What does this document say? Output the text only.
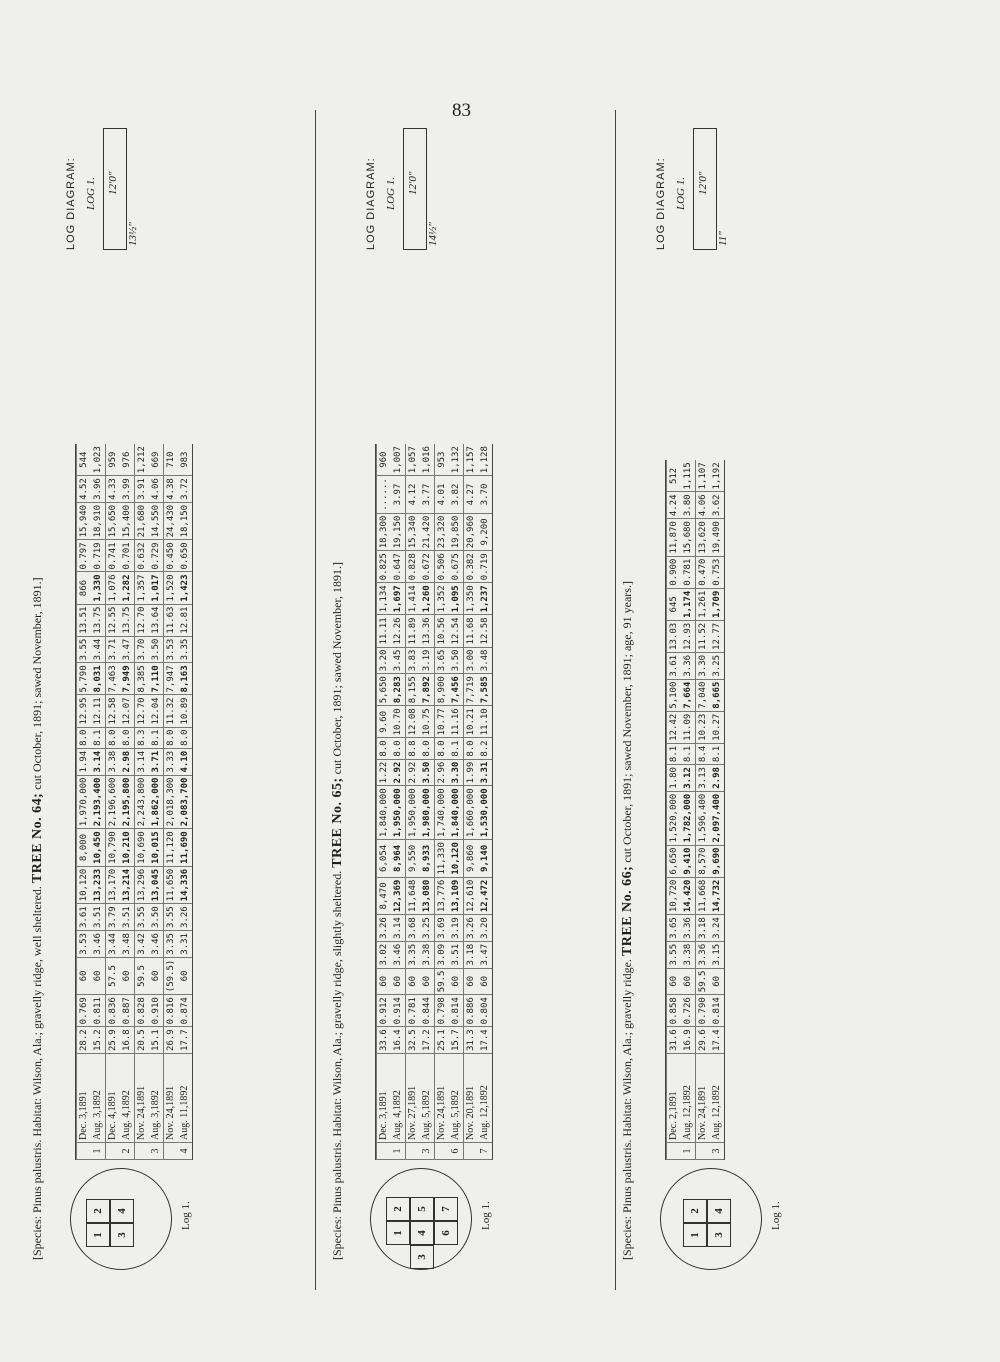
83
[Species: Pinus palustris. Habitat: Wilson, Ala.; gravelly ridge, well sheltered. TREE No. 64; cut October, 1891; sawed November, 1891.]
1
2
3
4	Log 1.
	Dec. 3,1891	28.2	0.769	60	3.53	3.61	10,120	8,000	1,970,000	1.94	8.0	12.95	5,790	3.55	13.51	866	0.797	15,940	4.52	544
1	Aug. 3,1892	15.2	0.811	60	3.46	3.51	13,233	10,450	2,193,400	3.14	8.1	12.11	8,031	3.44	13.75	1,330	0.719	18,910	3.96	1,023
	Dec. 4,1891	25.9	0.836	57.5	3.44	3.79	13,170	10,790	2,196,600	3.38	8.0	12.58	7,463	3.71	12.55	1,076	0.741	15,650	4.33	959
2	Aug. 4,1892	16.8	0.887	60	3.48	3.51	13,214	10,210	2,195,800	2.98	8.0	12.07	7,949	3.47	13.75	1,282	0.701	15,400	3.99	976
	Nov. 24,1891	20.5	0.828	59.5	3.42	3.55	13,296	10,690	2,243,800	3.14	8.3	12.70	8,385	3.70	12.70	1,357	0.632	21,680	3.91	1,212
3	Aug. 3,1892	15.1	0.910	60	3.46	3.50	13,045	10,015	1,862,000	3.71	8.1	12.04	7,110	3.50	13.64	1,017	0.729	14,550	4.06	669
	Nov. 24,1891	26.9	0.816	(59.5)	3.35	3.55	11,650	11,120	2,018,300	3.33	8.0	11.32	7,947	3.53	11.63	1,520	0.450	24,430	4.38	710
4	Aug. 11,1892	17.7	0.874	60	3.31	3.26	14,336	11,690	2,083,700	4.10	8.0	10.89	8,163	3.35	12.81	1,423	0.650	18,150	3.72	983
LOG DIAGRAM: LOG 1. 12'0"
13½"
[Species: Pinus palustris. Habitat: Wilson, Ala.; gravelly ridge, slightly sheltered. TREE No. 65; cut October, 1891; sawed November, 1891.]
1
2
3
4
5
6
7	Log 1.
	Dec. 3,1891	33.6	0.912	60	3.02	3.26	8,470	6,054	1,840,000	1.22	8.0	9.60	5,650	3.20	11.11	1,134	0.825	18,300	......	960
1	Aug. 4,1892	16.4	0.914	60	3.46	3.14	12,369	8,964	1,950,000	2.92	8.0	10.70	8,283	3.45	12.26	1,697	0.647	19,150	3.97	1,007
	Nov. 27,1891	32.5	0.781	60	3.35	3.68	11,648	9,550	1,950,000	2.92	8.8	12.08	8,155	3.83	11.89	1,414	0.828	15,340	4.12	1,057
3	Aug. 5,1892	17.2	0.844	60	3.38	3.25	13,080	8,933	1,980,000	3.50	8.0	10.75	7,892	3.19	13.36	1,260	0.672	21,420	3.77	1,016
	Nov. 24,1891	25.1	0.798	59.5	3.09	3.69	13,776	11,330	1,740,000	2.96	8.0	10.77	8,900	3.65	10.56	1,352	0.506	23,320	4.01	953
6	Aug. 5,1892	15.7	0.814	60	3.51	3.19	13,109	10,120	1,840,000	3.30	8.1	11.16	7,456	3.50	12.54	1,095	0.675	19,850	3.82	1,132
	Nov. 20,1891	31.3	0.886	60	3.18	3.26	12,610	9,860	1,660,000	1.99	8.0	10.21	7,719	3.00	11.68	1,350	0.382	20,960	4.27	1,157
7	Aug. 12,1892	17.4	0.804	60	3.47	3.20	12,472	9,140	1,530,000	3.31	8.2	11.10	7,585	3.48	12.58	1,237	0.719	9,200	3.70	1,128
LOG DIAGRAM: LOG 1. 12'0"
14½"
[Species: Pinus palustris. Habitat: Wilson, Ala.; gravelly ridge. TREE No. 66; cut October, 1891; sawed November, 1891; age, 91 years.]
1
2
3
4	Log 1.
	Dec. 2,1891	31.6	0.858	60	3.55	3.65	10,720	6,650	1,520,000	1.80	8.1	12.42	5,100	3.61	13.03	645	0.900	11,870	4.24	512
1	Aug. 12,1892	16.9	0.726	60	3.38	3.36	14,420	9,410	1,782,000	3.12	8.1	11.09	7,664	3.36	12.93	1,174	0.781	15,680	3.80	1,115
	Nov. 24,1891	29.6	0.790	59.5	3.36	3.18	11,668	8,570	1,596,400	3.13	8.4	10.23	7,040	3.30	11.52	1,261	0.470	13,620	4.06	1,107
3	Aug. 12,1892	17.4	0.814	60	3.15	3.24	14,732	9,690	2,097,400	2.98	8.1	10.27	8,665	3.25	12.77	1,709	0.753	19,490	3.62	1,192
LOG DIAGRAM: LOG 1. 12'0"
11"
